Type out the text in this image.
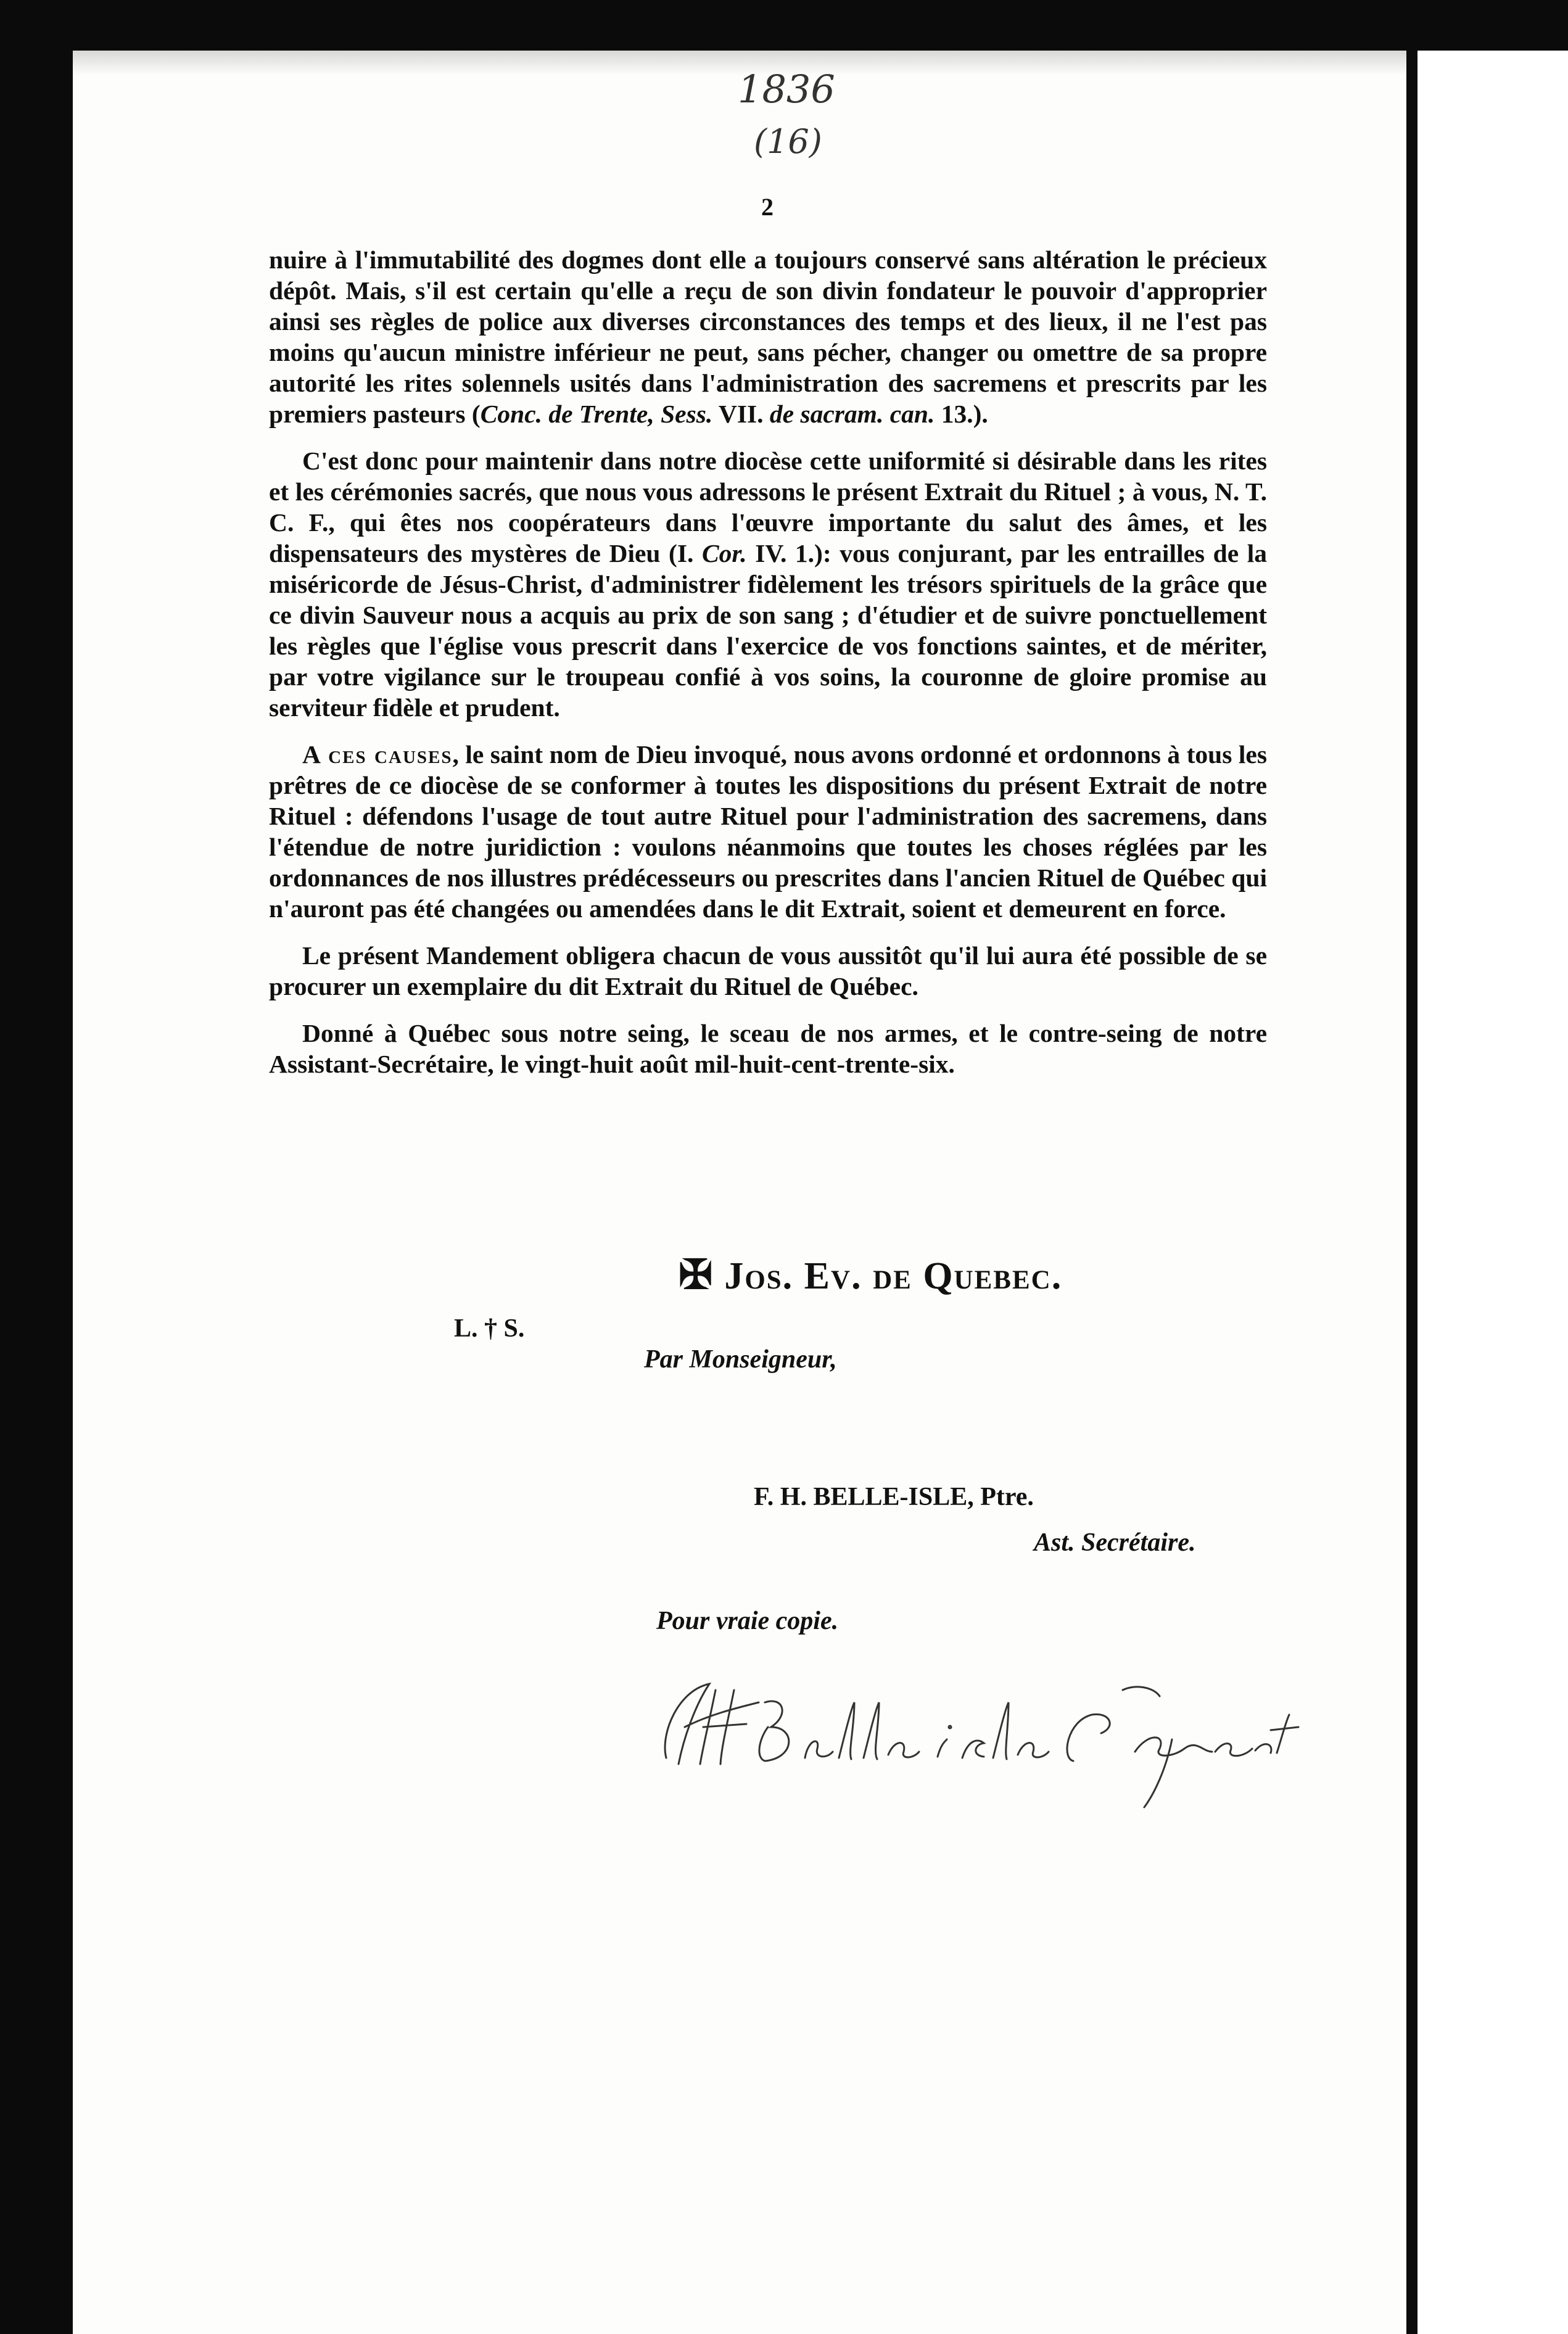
1836
(16)
2

nuire à l'immutabilité des dogmes dont elle a toujours conservé sans altération le précieux dépôt. Mais, s'il est certain qu'elle a reçu de son divin fondateur le pouvoir d'approprier ainsi ses règles de police aux diverses circonstances des temps et des lieux, il ne l'est pas moins qu'aucun ministre inférieur ne peut, sans pécher, changer ou omettre de sa propre autorité les rites solennels usités dans l'administration des sacremens et prescrits par les premiers pasteurs (Conc. de Trente, Sess. VII. de sacram. can. 13.).

C'est donc pour maintenir dans notre diocèse cette uniformité si désirable dans les rites et les cérémonies sacrés, que nous vous adressons le présent Extrait du Rituel ; à vous, N. T. C. F., qui êtes nos coopérateurs dans l'œuvre importante du salut des âmes, et les dispensateurs des mystères de Dieu (I. Cor. IV. 1.): vous conjurant, par les entrailles de la miséricorde de Jésus-Christ, d'administrer fidèlement les trésors spirituels de la grâce que ce divin Sauveur nous a acquis au prix de son sang ; d'étudier et de suivre ponctuellement les règles que l'église vous prescrit dans l'exercice de vos fonctions saintes, et de mériter, par votre vigilance sur le troupeau confié à vos soins, la couronne de gloire promise au serviteur fidèle et prudent.

A ces causes, le saint nom de Dieu invoqué, nous avons ordonné et ordonnons à tous les prêtres de ce diocèse de se conformer à toutes les dispositions du présent Extrait de notre Rituel : défendons l'usage de tout autre Rituel pour l'administration des sacremens, dans l'étendue de notre juridiction : voulons néanmoins que toutes les choses réglées par les ordonnances de nos illustres prédécesseurs ou prescrites dans l'ancien Rituel de Québec qui n'auront pas été changées ou amendées dans le dit Extrait, soient et demeurent en force.

Le présent Mandement obligera chacun de vous aussitôt qu'il lui aura été possible de se procurer un exemplaire du dit Extrait du Rituel de Québec.

Donné à Québec sous notre seing, le sceau de nos armes, et le contre-seing de notre Assistant-Secrétaire, le vingt-huit août mil-huit-cent-trente-six.

✠ Jos. Ev. de Quebec.
L. † S.
Par Monseigneur,
F. H. BELLE-ISLE, Ptre.
Ast. Secrétaire.
Pour vraie copie.
